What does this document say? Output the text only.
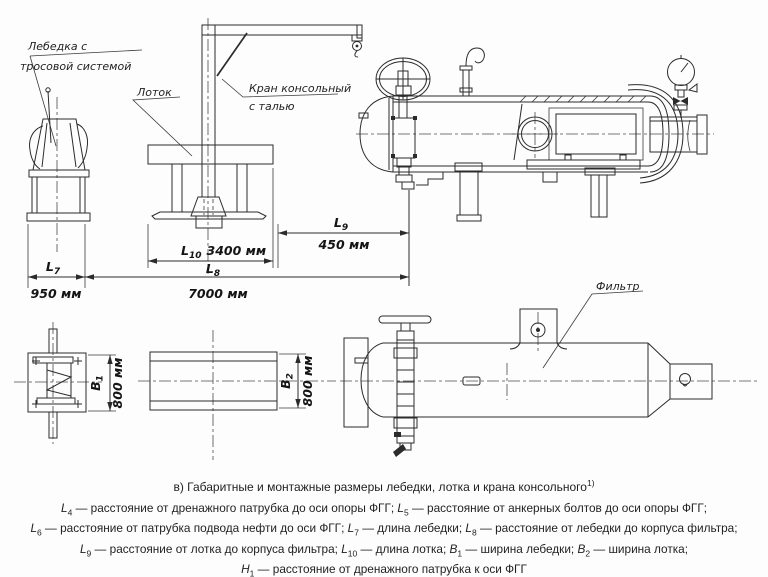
Лебедка с
тросовой системой
Кран консольный
с талью
Лоток
$L_7$
950 мм
$L_8$
7000 мм
$L_{10}$ 3400 мм
$L_9$
450 мм
$B_1$ 800 мм	$B_2$ 800 мм
Фильтр
в) Габаритные и монтажные размеры лебедки, лотка и крана консольного$^{1)}$
$L_4$ — расстояние от дренажного патрубка до оси опоры ФГГ; $L_5$ — расстояние от анкерных болтов до оси опоры ФГГ;
$L_6$ — расстояние от патрубка подвода нефти до оси ФГГ; $L_7$ — длина лебедки; $L_8$ — расстояние от лебедки до корпуса фильтра;
$L_9$ — расстояние от лотка до корпуса фильтра; $L_{10}$ — длина лотка; $B_1$ — ширина лебедки; $B_2$ — ширина лотка;
$H_1$ — расстояние от дренажного патрубка к оси ФГГ
